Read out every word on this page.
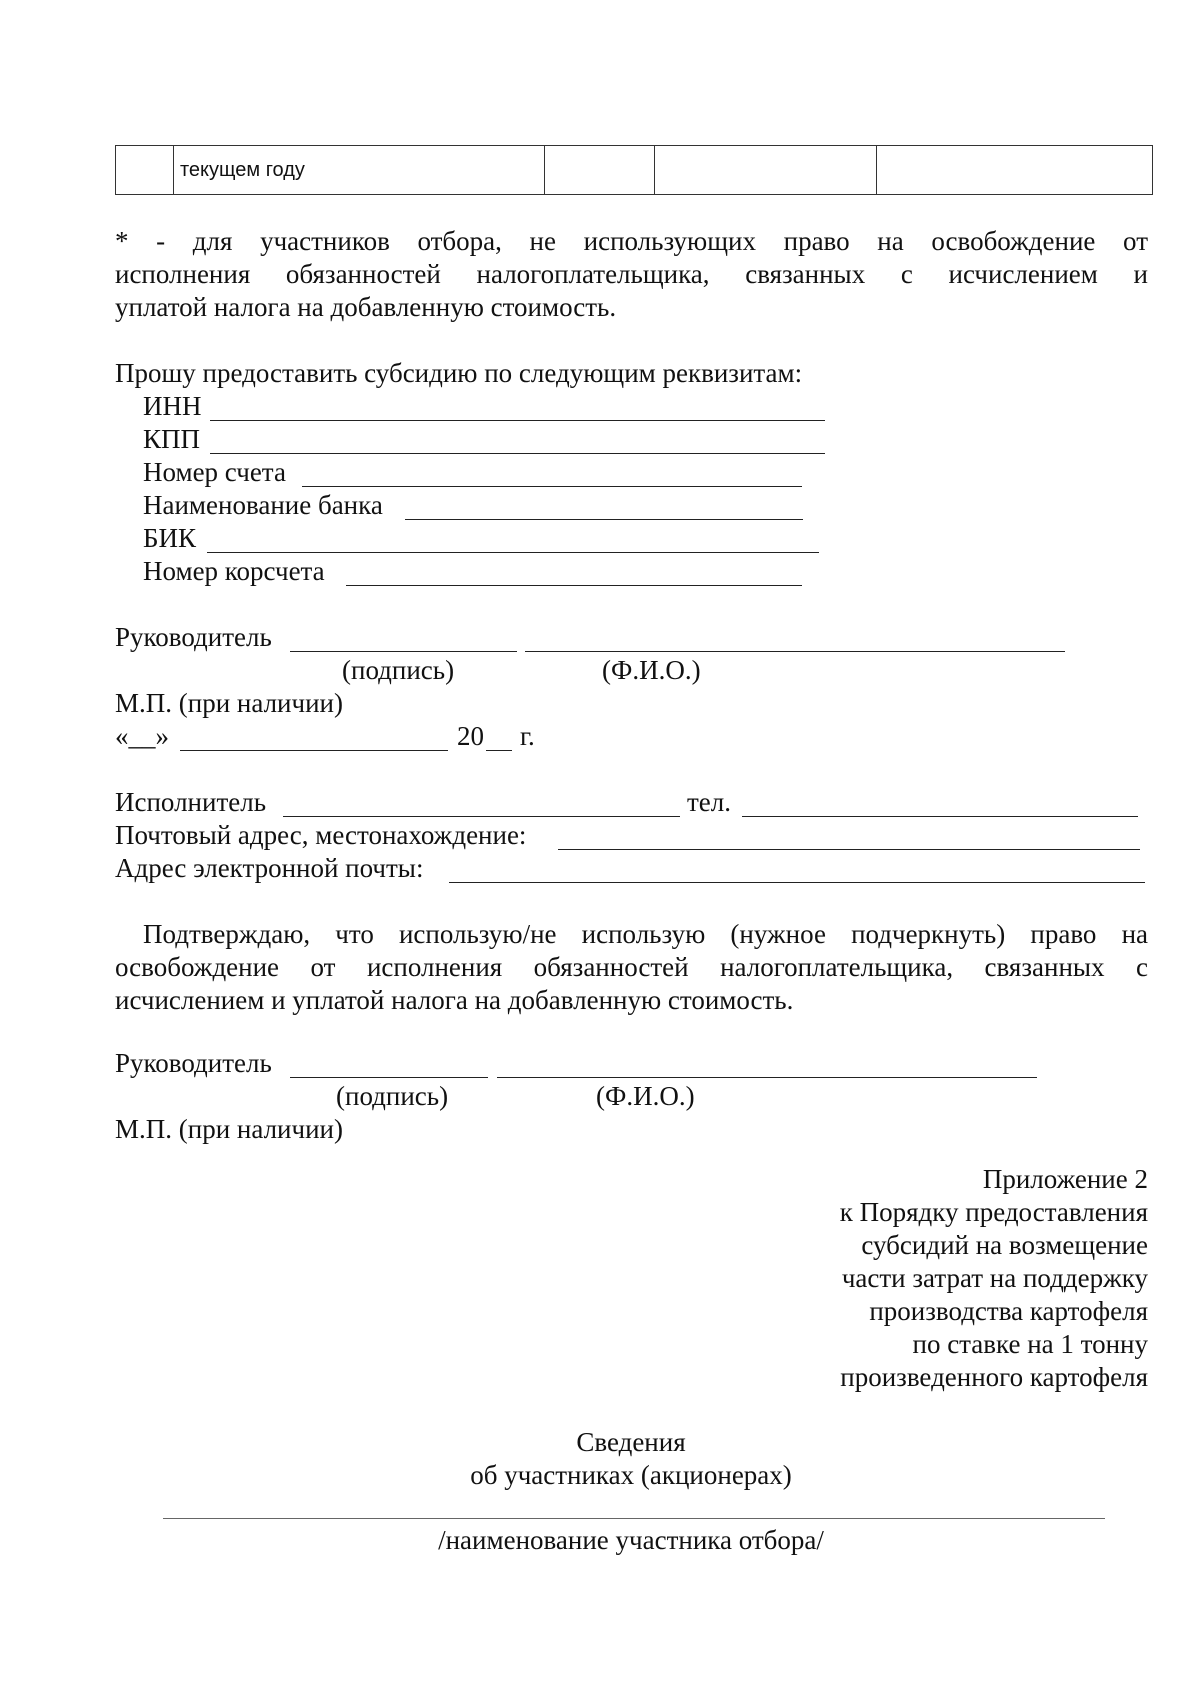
	текущем году			
* - для участников отбора, не использующих право на освобождение от
исполнения обязанностей налогоплательщика, связанных с исчислением и
уплатой налога на добавленную стоимость.
Прошу предоставить субсидию по следующим реквизитам:
ИНН
КПП
Номер счета
Наименование банка
БИК
Номер корсчета
Руководитель
(подпись)	(Ф.И.О.)
М.П. (при наличии)
«__»	20 г.
Исполнитель	тел.
Почтовый адрес, местонахождение:
Адрес электронной почты:
Подтверждаю, что использую/не использую (нужное подчеркнуть) право на
освобождение от исполнения обязанностей налогоплательщика, связанных с
исчислением и уплатой налога на добавленную стоимость.
Руководитель
(подпись)	(Ф.И.О.)
М.П. (при наличии)
Приложение 2
к Порядку предоставления
субсидий на возмещение
части затрат на поддержку
производства картофеля
по ставке на 1 тонну
произведенного картофеля
Сведения
об участниках (акционерах)
/наименование участника отбора/
